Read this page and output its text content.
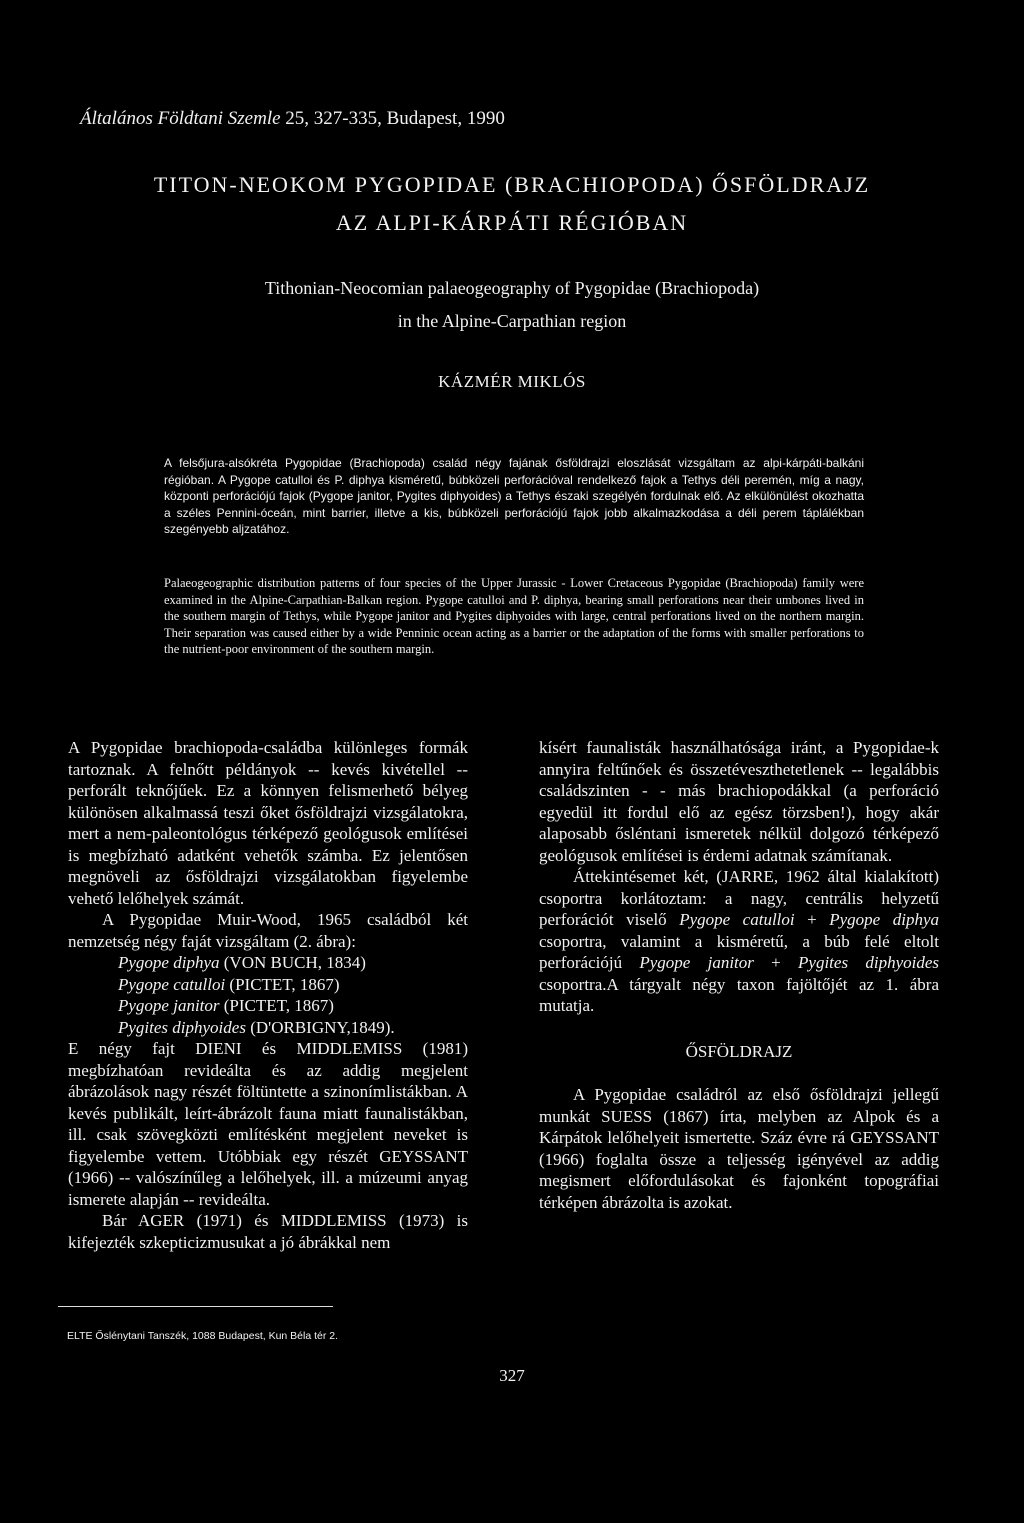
Általános Földtani Szemle 25, 327-335, Budapest, 1990
TITON-NEOKOM PYGOPIDAE (BRACHIOPODA) ŐSFÖLDRAJZ
AZ ALPI-KÁRPÁTI RÉGIÓBAN
Tithonian-Neocomian palaeogeography of Pygopidae (Brachiopoda)
in the Alpine-Carpathian region
KÁZMÉR MIKLÓS
A felsőjura-alsókréta Pygopidae (Brachiopoda) család négy fajának ősföldrajzi eloszlását vizsgáltam az alpi-kárpáti-balkáni régióban. A Pygope catulloi és P. diphya kisméretű, búbközeli perforációval rendelkező fajok a Tethys déli peremén, míg a nagy, központi perforációjú fajok (Pygope janitor, Pygites diphyoides) a Tethys északi szegélyén fordulnak elő. Az elkülönülést okozhatta a széles Pennini-óceán, mint barrier, illetve a kis, búbközeli perforációjú fajok jobb alkalmazkodása a déli perem táplálékban szegényebb aljzatához.
Palaeogeographic distribution patterns of four species of the Upper Jurassic - Lower Cretaceous Pygopidae (Brachiopoda) family were examined in the Alpine-Carpathian-Balkan region. Pygope catulloi and P. diphya, bearing small perforations near their umbones lived in the southern margin of Tethys, while Pygope janitor and Pygites diphyoides with large, central perforations lived on the northern margin. Their separation was caused either by a wide Penninic ocean acting as a barrier or the adaptation of the forms with smaller perforations to the nutrient-poor environment of the southern margin.

A Pygopidae brachiopoda-családba különleges formák tartoznak. A felnőtt példányok -- kevés kivétellel -- perforált teknőjűek. Ez a könnyen felismerhető bélyeg különösen alkalmassá teszi őket ősföldrajzi vizsgálatokra, mert a nem-paleontológus térképező geológusok említései is megbízható adatként vehetők számba. Ez jelentősen megnöveli az ősföldrajzi vizsgálatokban figyelembe vehető lelőhelyek számát.

A Pygopidae Muir-Wood, 1965 családból két nemzetség négy faját vizsgáltam (2. ábra):

Pygope diphya (VON BUCH, 1834)
Pygope catulloi (PICTET, 1867)
Pygope janitor (PICTET, 1867)
Pygites diphyoides (D'ORBIGNY,1849).

E négy fajt DIENI és MIDDLEMISS (1981) megbízhatóan revideálta és az addig megjelent ábrázolások nagy részét föltüntette a szinonímlistákban. A kevés publikált, leírt-ábrázolt fauna miatt faunalistákban, ill. csak szövegközti említésként megjelent neveket is figyelembe vettem. Utóbbiak egy részét GEYSSANT (1966) -- valószínűleg a lelőhelyek, ill. a múzeumi anyag ismerete alapján -- revideálta.

Bár AGER (1971) és MIDDLEMISS (1973) is kifejezték szkepticizmusukat a jó ábrákkal nem

kísért faunalisták használhatósága iránt, a Pygopidae-k annyira feltűnőek és összetéveszthetetlenek -- legalábbis családszinten - - más brachiopodákkal (a perforáció egyedül itt fordul elő az egész törzsben!), hogy akár alaposabb ősléntani ismeretek nélkül dolgozó térképező geológusok említései is érdemi adatnak számítanak.

Áttekintésemet két, (JARRE, 1962 által kialakított) csoportra korlátoztam: a nagy, centrális helyzetű perforációt viselő Pygope catulloi + Pygope diphya csoportra, valamint a kisméretű, a búb felé eltolt perforációjú Pygope janitor + Pygites diphyoides csoportra.A tárgyalt négy taxon fajöltőjét az 1. ábra mutatja.

ŐSFÖLDRAJZ

A Pygopidae családról az első ősföldrajzi jellegű munkát SUESS (1867) írta, melyben az Alpok és a Kárpátok lelőhelyeit ismertette. Száz évre rá GEYSSANT (1966) foglalta össze a teljesség igényével az addig megismert előfordulásokat és fajonként topográfiai térképen ábrázolta is azokat.

ELTE Őslénytani Tanszék, 1088 Budapest, Kun Béla tér 2.
327
